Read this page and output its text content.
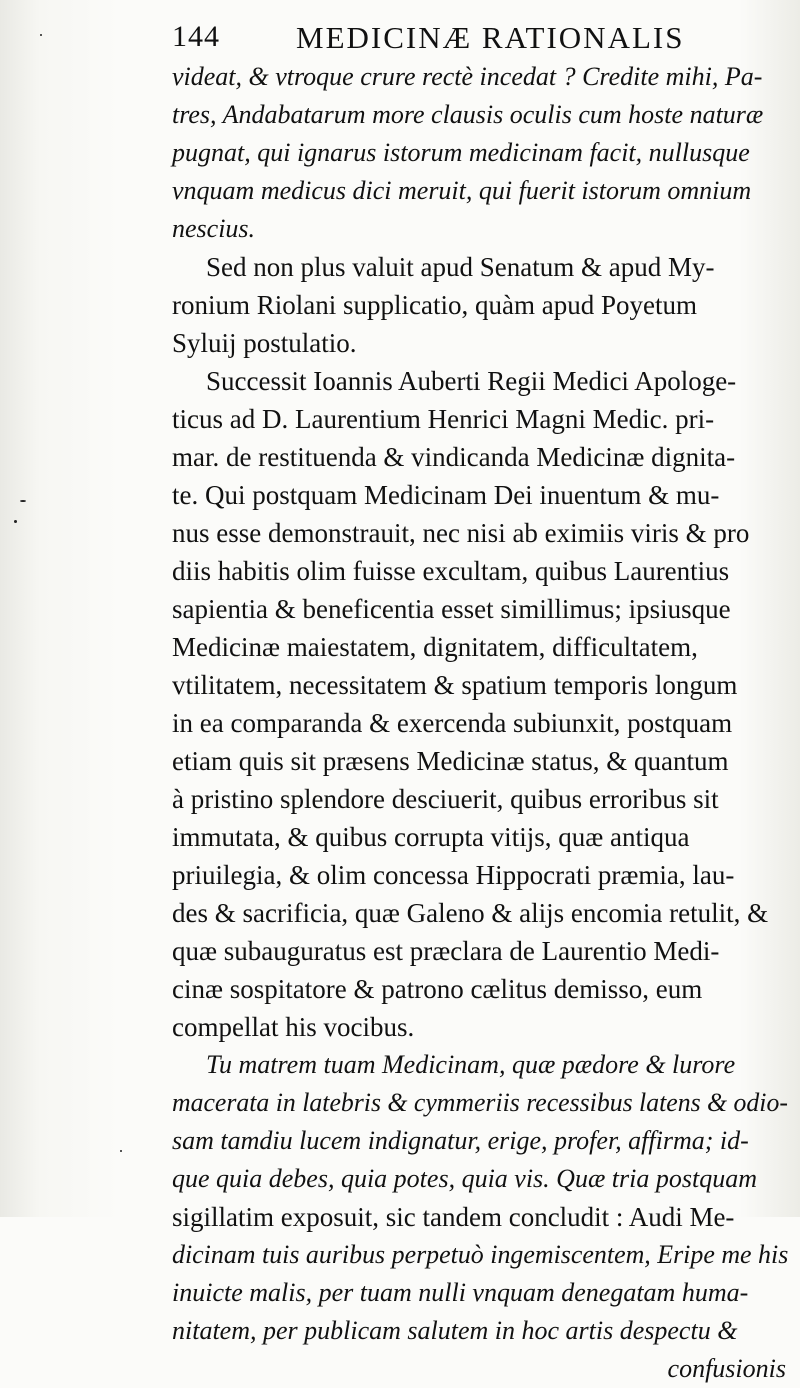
144 MEDICINÆ RATIONALIS
videat, & vtroque crure rectè incedat ? Credite mihi, Pa-
tres, Andabatarum more clausis oculis cum hoste naturæ
pugnat, qui ignarus istorum medicinam facit, nullusque
vnquam medicus dici meruit, qui fuerit istorum omnium
nescius.
Sed non plus valuit apud Senatum & apud My-
ronium Riolani supplicatio, quàm apud Poyetum
Syluij postulatio.
Successit Ioannis Auberti Regii Medici Apologe-
ticus ad D. Laurentium Henrici Magni Medic. pri-
mar. de restituenda & vindicanda Medicinæ dignita-
te. Qui postquam Medicinam Dei inuentum & mu-
nus esse demonstrauit, nec nisi ab eximiis viris & pro
diis habitis olim fuisse excultam, quibus Laurentius
sapientia & beneficentia esset simillimus; ipsiusque
Medicinæ maiestatem, dignitatem, difficultatem,
vtilitatem, necessitatem & spatium temporis longum
in ea comparanda & exercenda subiunxit, postquam
etiam quis sit præsens Medicinæ status, & quantum
à pristino splendore desciuerit, quibus erroribus sit
immutata, & quibus corrupta vitijs, quæ antiqua
priuilegia, & olim concessa Hippocrati præmia, lau-
des & sacrificia, quæ Galeno & alijs encomia retulit, &
quæ subauguratus est præclara de Laurentio Medi-
cinæ sospitatore & patrono cælitus demisso, eum
compellat his vocibus.
Tu matrem tuam Medicinam, quæ pædore & lurore
macerata in latebris & cymmeriis recessibus latens & odio-
sam tamdiu lucem indignatur, erige, profer, affirma; id-
que quia debes, quia potes, quia vis. Quæ tria postquam
sigillatim exposuit, sic tandem concludit : Audi Me-
dicinam tuis auribus perpetuò ingemiscentem, Eripe me his
inuicte malis, per tuam nulli vnquam denegatam huma-
nitatem, per publicam salutem in hoc artis despectu &
confusionis
